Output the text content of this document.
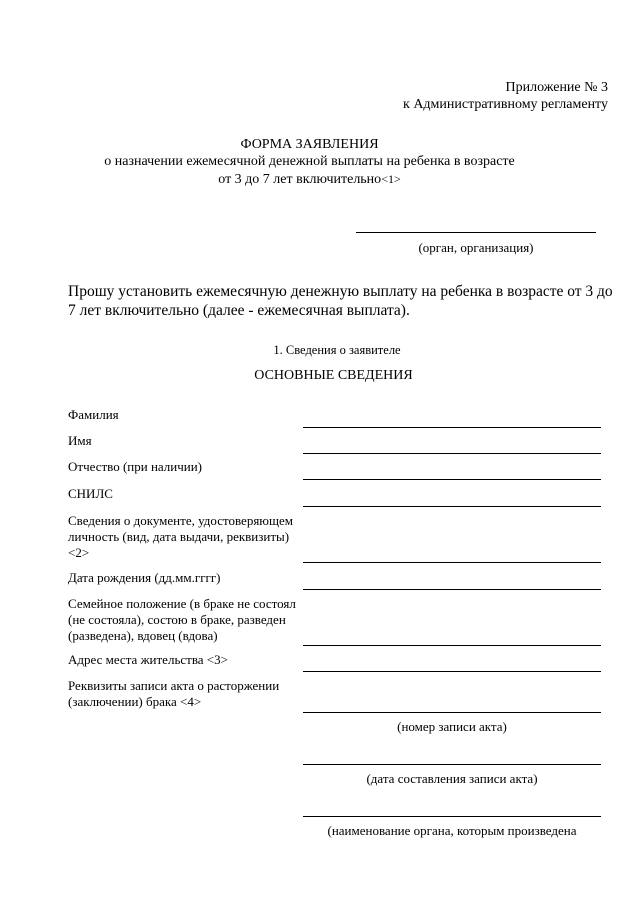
Приложение № 3
к Административному регламенту
ФОРМА ЗАЯВЛЕНИЯ
о назначении ежемесячной денежной выплаты на ребенка в возрасте
от 3 до 7 лет включительно<1>
(орган, организация)
Прошу установить ежемесячную денежную выплату на ребенка в возрасте от 3 до
7 лет включительно (далее - ежемесячная выплата).
1. Сведения о заявителе
ОСНОВНЫЕ СВЕДЕНИЯ
Фамилия
Имя
Отчество (при наличии)
СНИЛС
Сведения о документе, удостоверяющем
личность (вид, дата выдачи, реквизиты)
<2>
Дата рождения (дд.мм.гггг)
Семейное положение (в браке не состоял
(не состояла), состою в браке, разведен
(разведена), вдовец (вдова)
Адрес места жительства <3>
Реквизиты записи акта о расторжении
(заключении) брака <4>
(номер записи акта)
(дата составления записи акта)
(наименование органа, которым произведена
